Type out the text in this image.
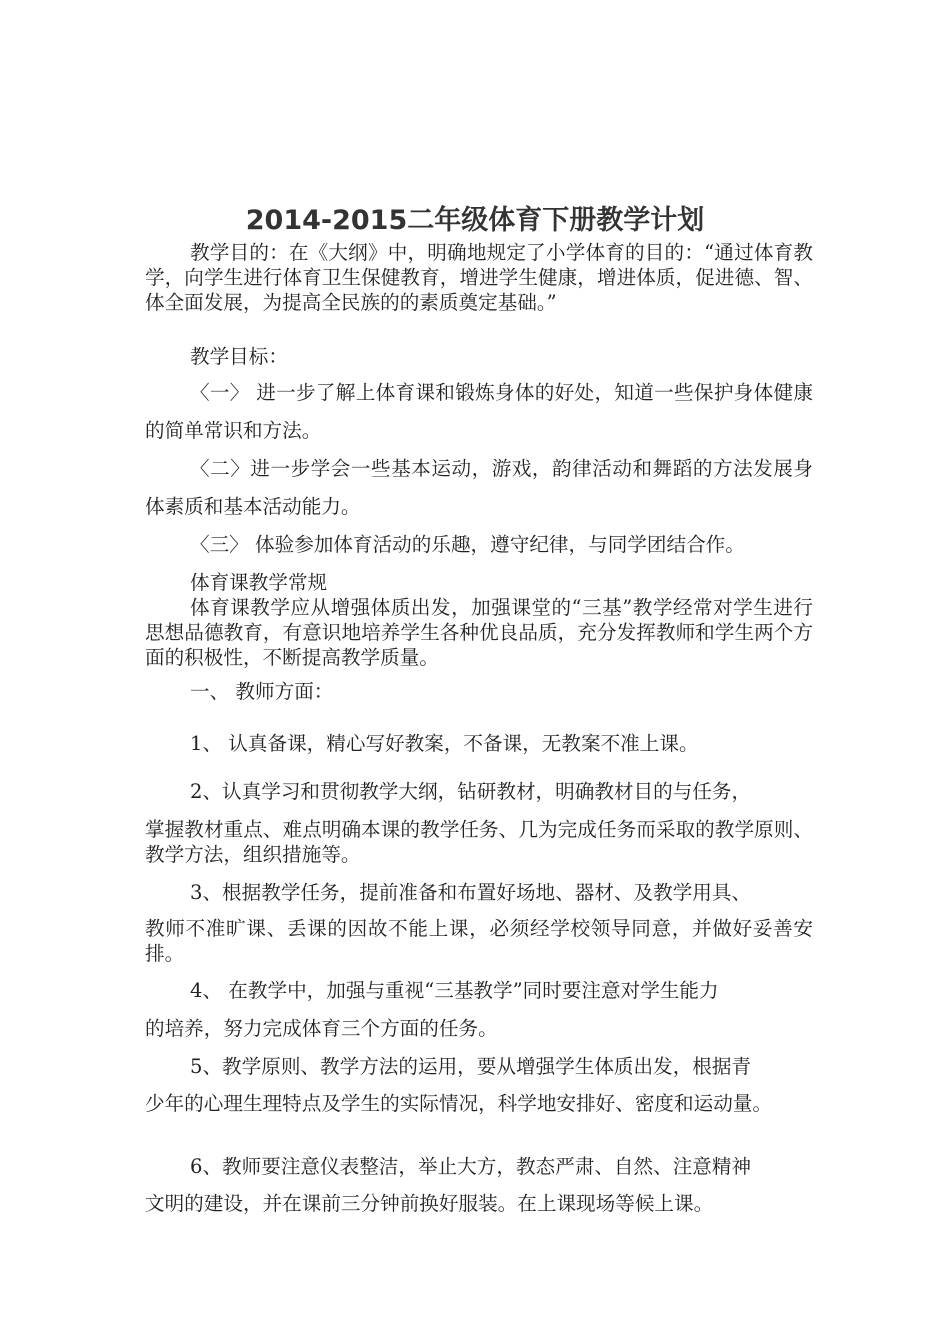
2014-2015二年级体育下册教学计划
教学目的：在《大纲》中，明确地规定了小学体育的目的：“通过体育教学，向学生进行体育卫生保健教育，增进学生健康，增进体质，促进德、智、体全面发展，为提高全民族的的素质奠定基础。”
教学目标：
〈一〉 进一步了解上体育课和锻炼身体的好处，知道一些保护身体健康的简单常识和方法。
〈二〉进一步学会一些基本运动，游戏，韵律活动和舞蹈的方法发展身体素质和基本活动能力。
〈三〉 体验参加体育活动的乐趣，遵守纪律，与同学团结合作。
体育课教学常规
体育课教学应从增强体质出发，加强课堂的“三基”教学经常对学生进行思想品德教育，有意识地培养学生各种优良品质，充分发挥教师和学生两个方面的积极性，不断提高教学质量。
一、 教师方面：
1、 认真备课，精心写好教案，不备课，无教案不准上课。
2、认真学习和贯彻教学大纲，钻研教材，明确教材目的与任务，
掌握教材重点、难点明确本课的教学任务、几为完成任务而采取的教学原则、教学方法，组织措施等。
3、根据教学任务，提前准备和布置好场地、器材、及教学用具、
教师不准旷课、丢课的因故不能上课，必须经学校领导同意，并做好妥善安排。
4、 在教学中，加强与重视“三基教学”同时要注意对学生能力
的培养，努力完成体育三个方面的任务。
5、教学原则、教学方法的运用，要从增强学生体质出发，根据青
少年的心理生理特点及学生的实际情况，科学地安排好、密度和运动量。
6、教师要注意仪表整洁，举止大方，教态严肃、自然、注意精神
文明的建设，并在课前三分钟前换好服装。在上课现场等候上课。
